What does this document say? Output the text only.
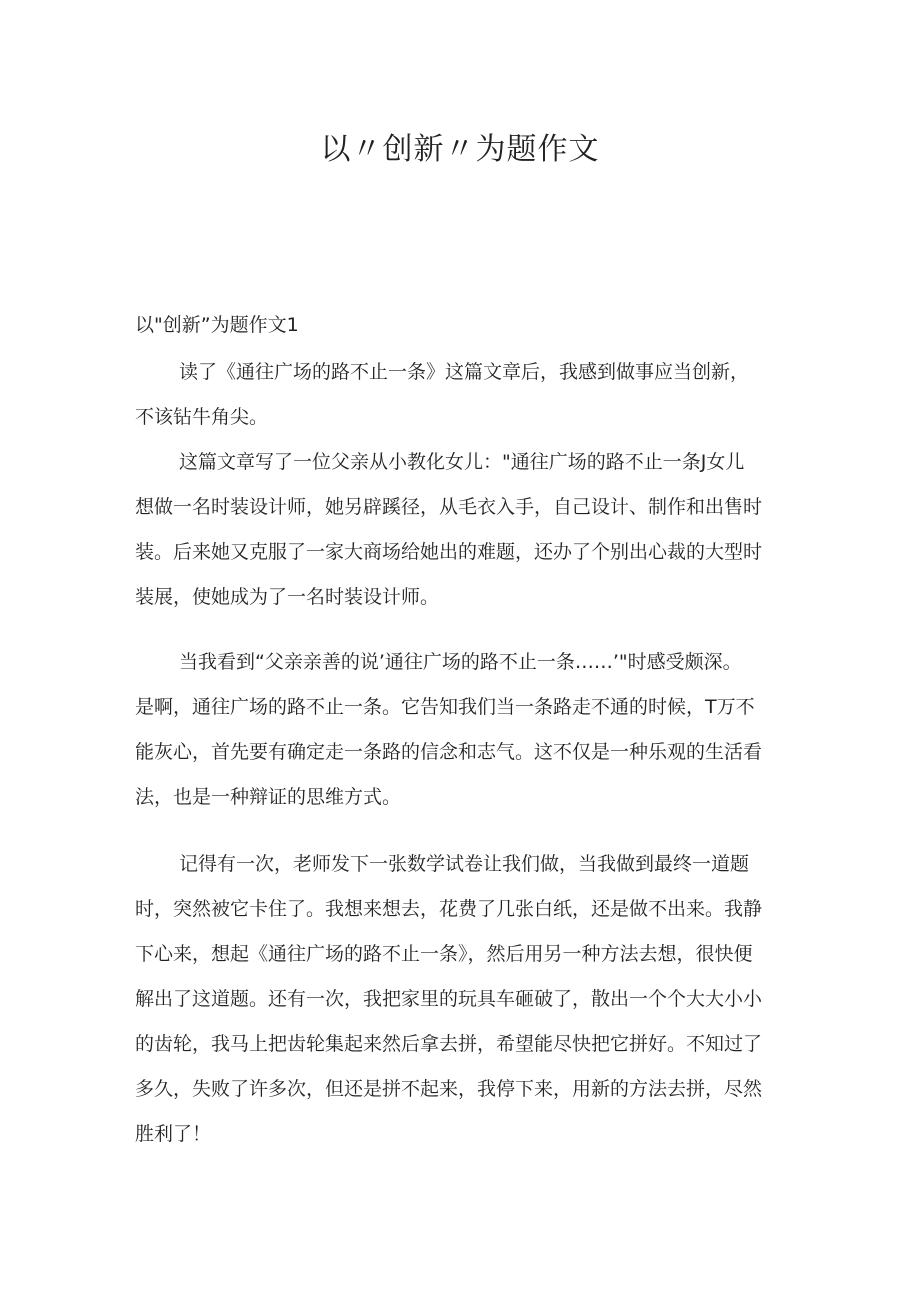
以〃创新〃为题作文
以"创新”为题作文1
读了《通往广场的路不止一条》这篇文章后，我感到做事应当创新，
不该钻牛角尖。
这篇文章写了一位父亲从小教化女儿："通往广场的路不止一条J女儿
想做一名时装设计师，她另辟蹊径，从毛衣入手，自己设计、制作和出售时
装。后来她又克服了一家大商场给她出的难题，还办了个别出心裁的大型时
装展，使她成为了一名时装设计师。
当我看到“父亲亲善的说’通往广场的路不止一条……’"时感受颇深。
是啊，通往广场的路不止一条。它告知我们当一条路走不通的时候，T万不
能灰心，首先要有确定走一条路的信念和志气。这不仅是一种乐观的生活看
法，也是一种辩证的思维方式。
记得有一次，老师发下一张数学试卷让我们做，当我做到最终一道题
时，突然被它卡住了。我想来想去，花费了几张白纸，还是做不出来。我静
下心来，想起《通往广场的路不止一条》，然后用另一种方法去想，很快便
解出了这道题。还有一次，我把家里的玩具车砸破了，散出一个个大大小小
的齿轮，我马上把齿轮集起来然后拿去拼，希望能尽快把它拼好。不知过了
多久，失败了许多次，但还是拼不起来，我停下来，用新的方法去拼，尽然
胜利了！
